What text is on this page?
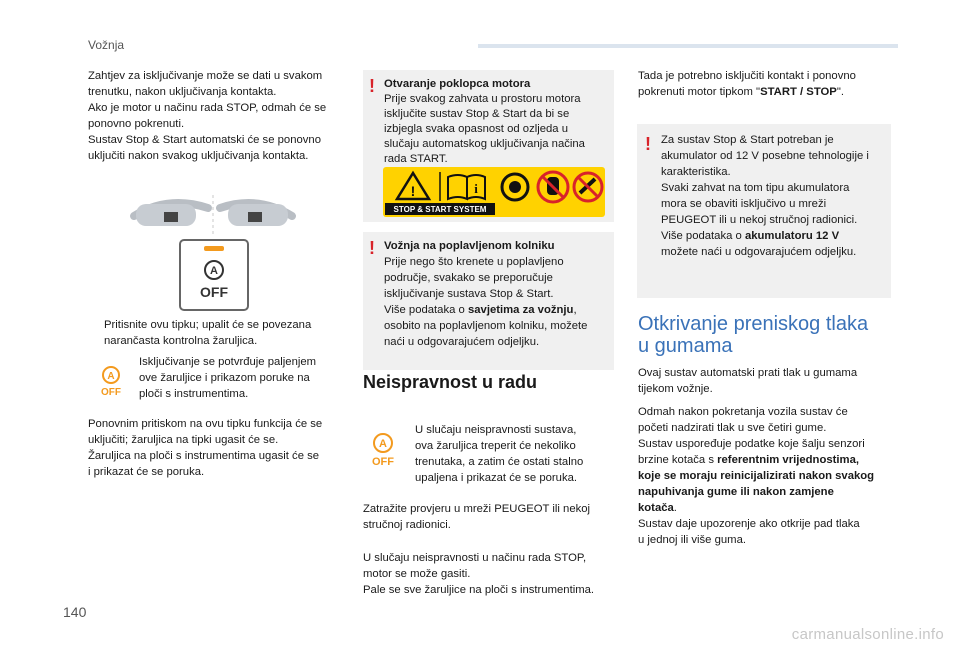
Vožnja

Zahtjev za isključivanje može se dati u svakom

trenutku, nakon uključivanja kontakta.

Ako je motor u načinu rada STOP, odmah će se

ponovno pokrenuti.

Sustav Stop & Start automatski će se ponovno

uključiti nakon svakog uključivanja kontakta.

A
OFF

Pritisnite ovu tipku; upalit će se povezana

narančasta kontrolna žaruljica.

A
OFF

Isključivanje se potvrđuje paljenjem

ove žaruljice i prikazom poruke na

ploči s instrumentima.

Ponovnim pritiskom na ovu tipku funkcija će se

uključiti; žaruljica na tipki ugasit će se.

Žaruljica na ploči s instrumentima ugasit će se

i prikazat će se poruka.

! Otvaranje poklopca motora

Prije svakog zahvata u prostoru motora

isključite sustav Stop & Start da bi se

izbjegla svaka opasnost od ozljeda u

slučaju automatskog uključivanja načina

rada START.

!	i
STOP & START SYSTEM
! Vožnja na poplavljenom kolniku

Prije nego što krenete u poplavljeno

područje, svakako se preporučuje

isključivanje sustava Stop & Start.

Više podataka o savjetima za vožnju,

osobito na poplavljenom kolniku, možete

naći u odgovarajućem odjeljku.

Neispravnost u radu
A
OFF

U slučaju neispravnosti sustava,

ova žaruljica treperit će nekoliko

trenutaka, a zatim će ostati stalno

upaljena i prikazat će se poruka.

Zatražite provjeru u mreži PEUGEOT ili nekoj

stručnoj radionici.

U slučaju neispravnosti u načinu rada STOP,

motor se može gasiti.

Pale se sve žaruljice na ploči s instrumentima.

Tada je potrebno isključiti kontakt i ponovno

pokrenuti motor tipkom "START / STOP".

! Za sustav Stop & Start potreban je

akumulator od 12 V posebne tehnologije i

karakteristika.

Svaki zahvat na tom tipu akumulatora

mora se obaviti isključivo u mreži

PEUGEOT ili u nekoj stručnoj radionici.

Više podataka o akumulatoru 12 V

možete naći u odgovarajućem odjeljku.

Otkrivanje preniskog tlaka
u gumama

Ovaj sustav automatski prati tlak u gumama

tijekom vožnje.

Odmah nakon pokretanja vozila sustav će

početi nadzirati tlak u sve četiri gume.

Sustav uspoređuje podatke koje šalju senzori

brzine kotača s referentnim vrijednostima,

koje se moraju reinicijalizirati nakon svakog

napuhivanja gume ili nakon zamjene

kotača.

Sustav daje upozorenje ako otkrije pad tlaka

u jednoj ili više guma.

140
carmanualsonline.info
